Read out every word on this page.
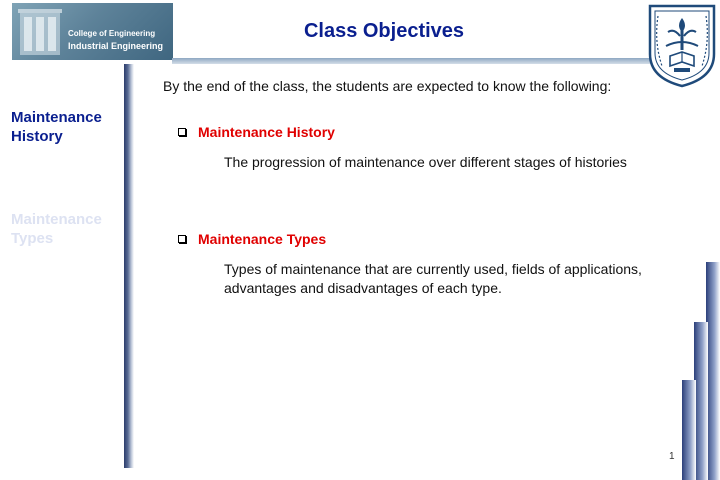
College of Engineering
Industrial Engineering
Class Objectives
Maintenance History
Maintenance Types
By the end of the class, the students are expected to know the following:
Maintenance History
The progression of maintenance over different stages of histories
Maintenance Types
Types of maintenance that are currently used, fields of applications, advantages and disadvantages of each type.
1
